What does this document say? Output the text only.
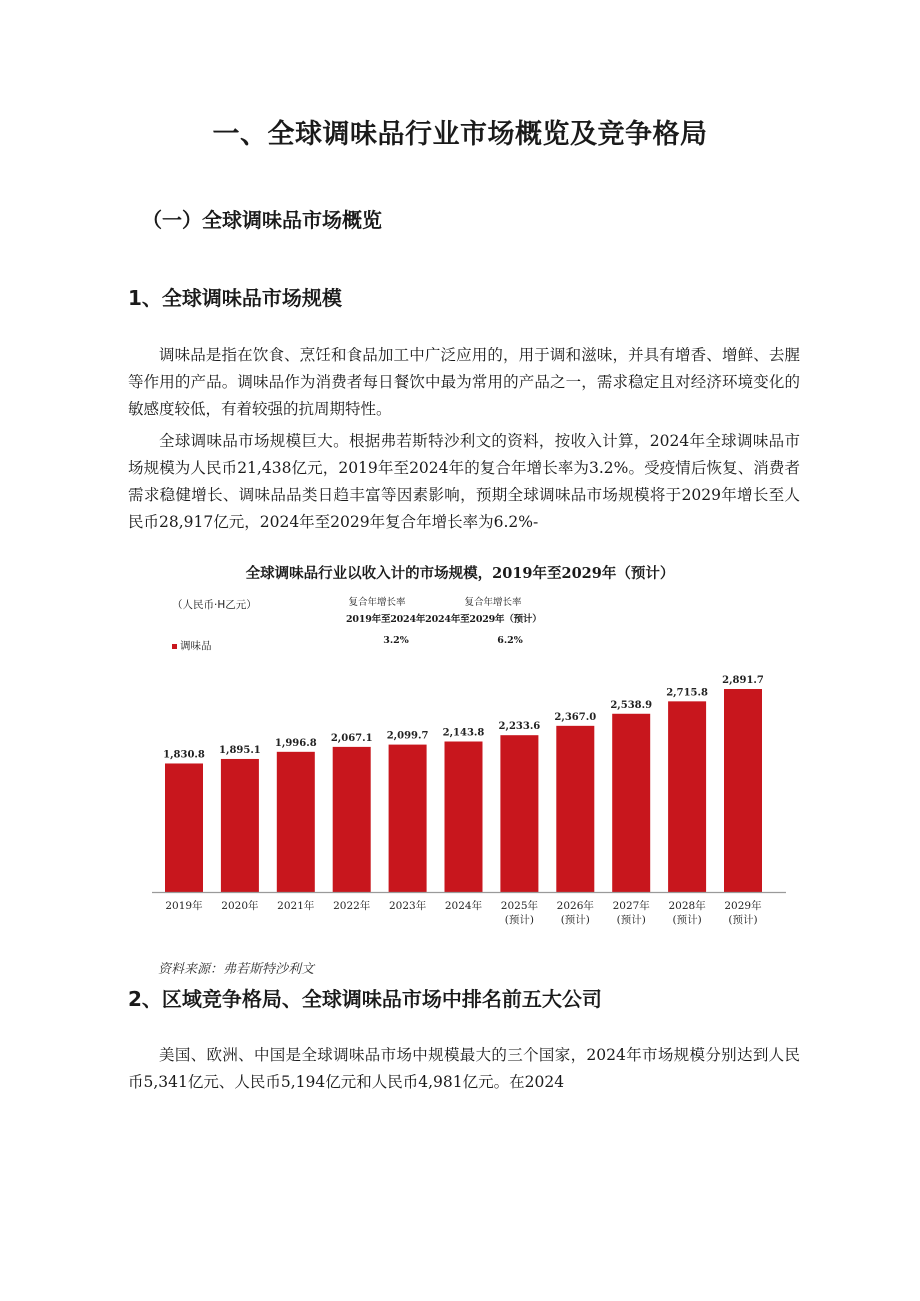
一、全球调味品行业市场概览及竞争格局
（一）全球调味品市场概览
1、全球调味品市场规模

调味品是指在饮食、烹饪和食品加工中广泛应用的，用于调和滋味，并具有增香、增鲜、去腥等作用的产品。调味品作为消费者每日餐饮中最为常用的产品之一，需求稳定且对经济环境变化的敏感度较低，有着较强的抗周期特性。

全球调味品市场规模巨大。根据弗若斯特沙利文的资料，按收入计算，2024年全球调味品市场规模为人民币21,438亿元，2019年至2024年的复合年增长率为3.2%。受疫情后恢复、消费者需求稳健增长、调味品品类日趋丰富等因素影响，预期全球调味品市场规模将于2029年增长至人民币28,917亿元，2024年至2029年复合年增长率为6.2%-

全球调味品行业以收入计的市场规模，2019年至2029年（预计）
（人民币·H乙元）	复合年增长率	复合年增长率
2019年至2024年2024年至2029年（预计）
3.2%	6.2%
调味品
1,830.8
2019年
1,895.1
2020年
1,996.8
2021年
2,067.1
2022年
2,099.7
2023年
2,143.8
2024年
2,233.6
2025年
(预计)
2,367.0
2026年
(预计)
2,538.9
2027年
(预计)
2,715.8
2028年
(预计)
2,891.7
2029年
(预计)
资料来源：弗若斯特沙利文
2、区域竞争格局、全球调味品市场中排名前五大公司

美国、欧洲、中国是全球调味品市场中规模最大的三个国家，2024年市场规模分别达到人民币5,341亿元、人民币5,194亿元和人民币4,981亿元。在2024
